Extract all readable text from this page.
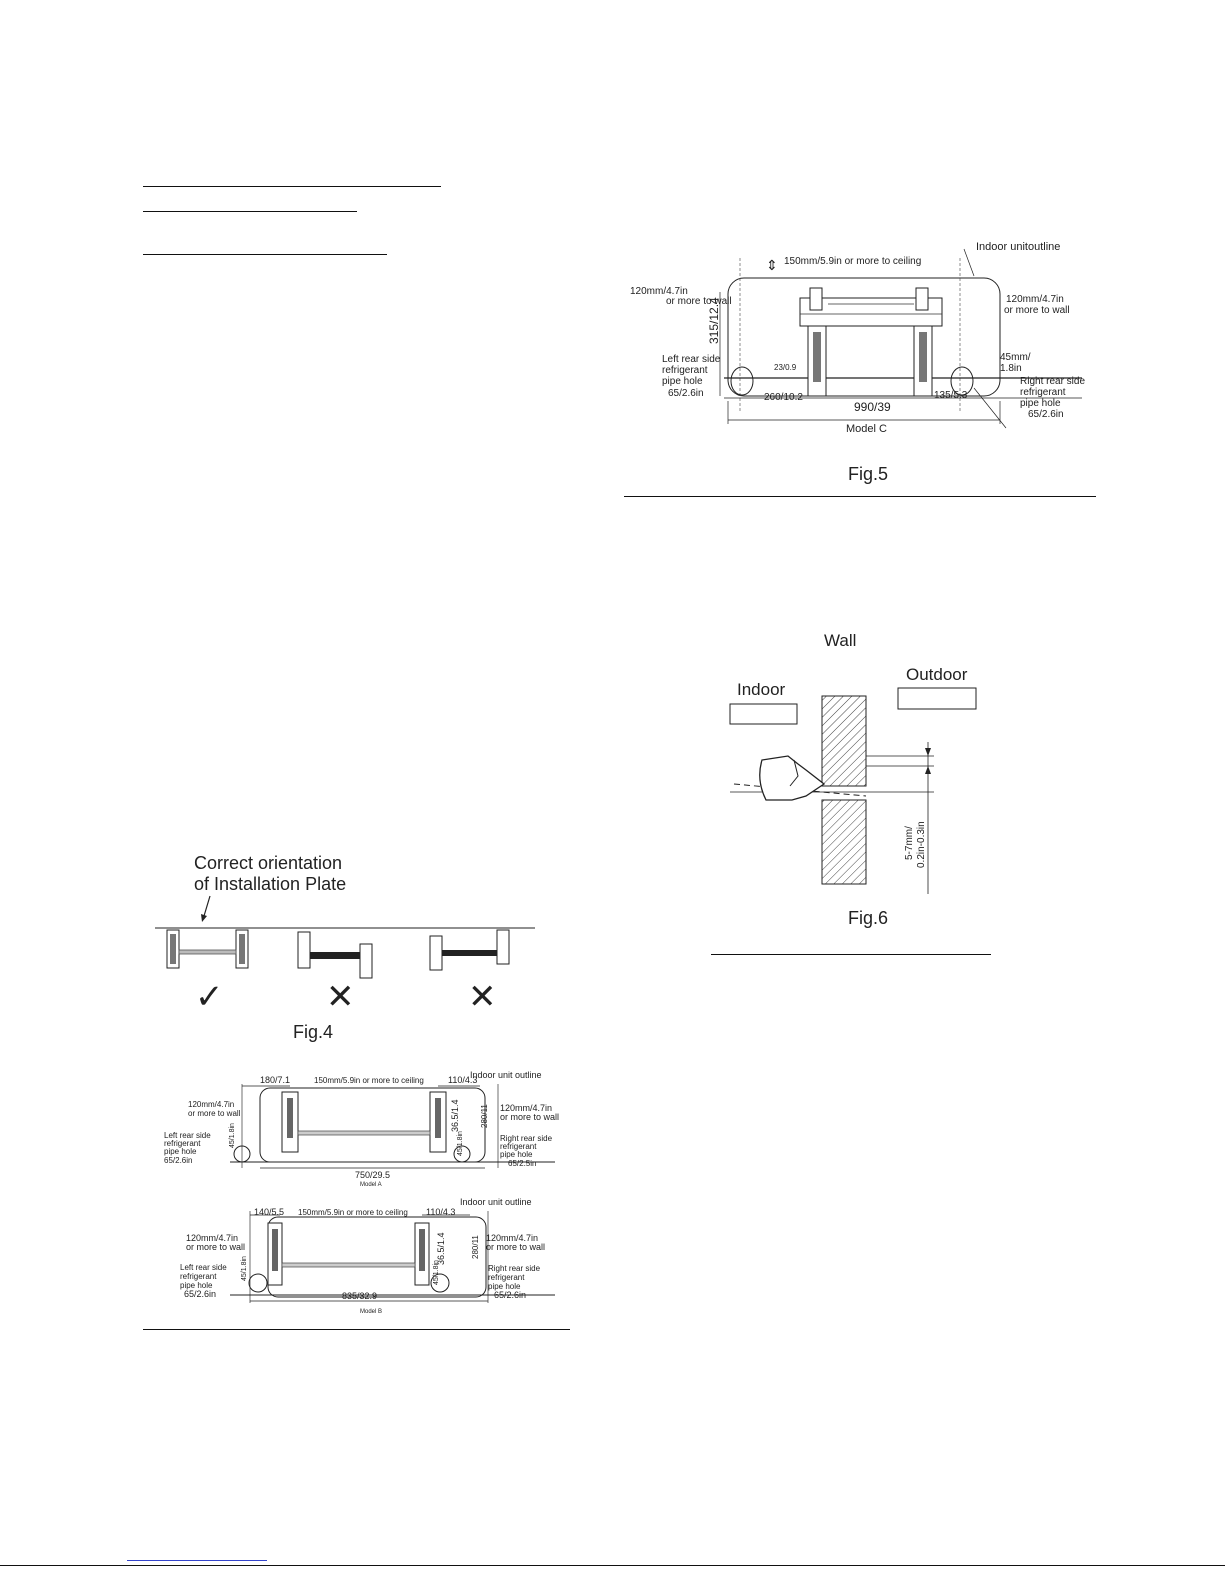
Correct orientation
of Installation Plate
✓	✕	✕
Fig.4
180/7.1	150mm/5.9in or more to ceiling	110/4.3
Indoor unit outline
120mm/4.7in
or more to wall
120mm/4.7in
or more to wall
Left rear side
refrigerant
pipe hole
65/2.6in
Right rear side
refrigerant
pipe hole
65/2.5in
36.5/1.4	280/11
45/1.8in	45/1.8in
750/29.5
Model A
140/5.5 150mm/5.9in or more to ceiling 110/4.3
Indoor unit outline
120mm/4.7in
or more to wall
120mm/4.7in
or more to wall
Left rear side
refrigerant
pipe hole
65/2.6in
Right rear side
refrigerant
pipe hole
65/2.6in
36.5/1.4	280/11
45/1.8in	45/1.8in
835/32.9
Model B
⇕ 150mm/5.9in or more to ceiling
Indoor unitoutline
120mm/4.7in
or more to wall	120mm/4.7in
or more to wall
315/12.4
Left rear side
refrigerant
pipe hole
65/2.6in
45mm/
1.8in
Right rear side
refrigerant
pipe hole
65/2.6in
23/0.9
260/10.2	135/5.3
990/39
Model C
Fig.5
Wall
Indoor
Outdoor
5-7mm/ 0.2in-0.3in
Fig.6
